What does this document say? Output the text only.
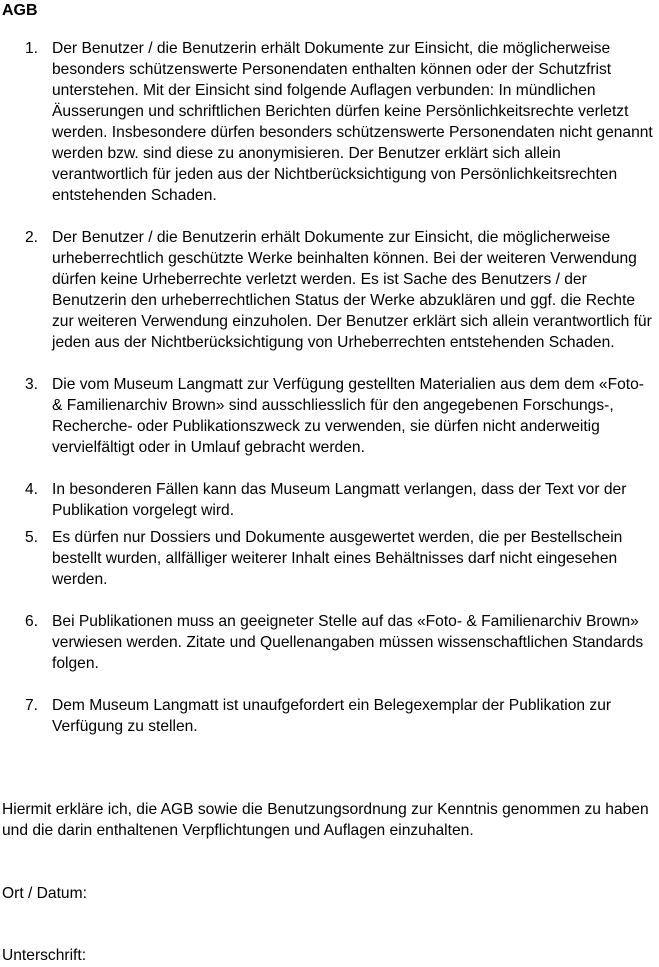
AGB
1. Der Benutzer / die Benutzerin erhält Dokumente zur Einsicht, die möglicherweise besonders schützenswerte Personendaten enthalten können oder der Schutzfrist unterstehen. Mit der Einsicht sind folgende Auflagen verbunden: In mündlichen Äusserungen und schriftlichen Berichten dürfen keine Persönlichkeitsrechte verletzt werden. Insbesondere dürfen besonders schützenswerte Personendaten nicht genannt werden bzw. sind diese zu anonymisieren. Der Benutzer erklärt sich allein verantwortlich für jeden aus der Nichtberücksichtigung von Persönlichkeitsrechten entstehenden Schaden.
2. Der Benutzer / die Benutzerin erhält Dokumente zur Einsicht, die möglicherweise urheberrechtlich geschützte Werke beinhalten können. Bei der weiteren Verwendung dürfen keine Urheberrechte verletzt werden. Es ist Sache des Benutzers / der Benutzerin den urheberrechtlichen Status der Werke abzuklären und ggf. die Rechte zur weiteren Verwendung einzuholen. Der Benutzer erklärt sich allein verantwortlich für jeden aus der Nichtberücksichtigung von Urheberrechten entstehenden Schaden.
3. Die vom Museum Langmatt zur Verfügung gestellten Materialien aus dem dem «Foto- & Familienarchiv Brown» sind ausschliesslich für den angegebenen Forschungs-, Recherche- oder Publikationszweck zu verwenden, sie dürfen nicht anderweitig vervielfältigt oder in Umlauf gebracht werden.
4. In besonderen Fällen kann das Museum Langmatt verlangen, dass der Text vor der Publikation vorgelegt wird.
5. Es dürfen nur Dossiers und Dokumente ausgewertet werden, die per Bestellschein bestellt wurden, allfälliger weiterer Inhalt eines Behältnisses darf nicht eingesehen werden.
6. Bei Publikationen muss an geeigneter Stelle auf das «Foto- & Familienarchiv Brown» verwiesen werden. Zitate und Quellenangaben müssen wissenschaftlichen Standards folgen.
7. Dem Museum Langmatt ist unaufgefordert ein Belegexemplar der Publikation zur Verfügung zu stellen.
Hiermit erkläre ich, die AGB sowie die Benutzungsordnung zur Kenntnis genommen zu haben und die darin enthaltenen Verpflichtungen und Auflagen einzuhalten.
Ort / Datum:
Unterschrift:
